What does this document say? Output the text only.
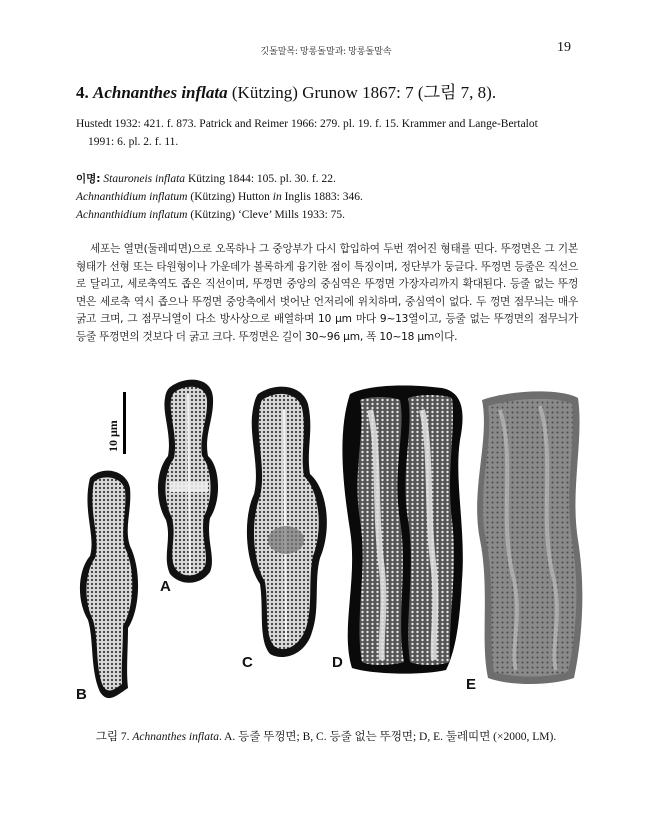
깃돌말목: 망롱돌말과: 망롱돌말속	19
4. Achnanthes inflata (Kützing) Grunow 1867: 7 (그림 7, 8).
Hustedt 1932: 421. f. 873. Patrick and Reimer 1966: 279. pl. 19. f. 15. Krammer and Lange-Bertalot
1991: 6. pl. 2. f. 11.
이명: Stauroneis inflata Kützing 1844: 105. pl. 30. f. 22.
Achnanthidium inflatum (Kützing) Hutton in Inglis 1883: 346.
Achnanthidium inflatum (Kützing) ‘Cleve’ Mills 1933: 75.

세포는 열면(둘레띠면)으로 오목하나 그 중앙부가 다시 합입하여 두번 꺾어진 형태를 띤다. 뚜껑면은 그 기본 형태가 선형 또는 타원형이나 가운데가 볼록하게 융기한 점이 특징이며, 정단부가 둥글다. 뚜껑면 등줄은 직선으로 달리고, 세로축역도 좁은 직선이며, 뚜껑면 중앙의 중심역은 뚜껑면 가장자리까지 확대된다. 등줄 없는 뚜껑면은 세로축 역시 좁으나 뚜껑면 중앙축에서 벗어난 언저리에 위치하며, 중심역이 없다. 두 껑면 점무늬는 매우 굵고 크며, 그 점무늬열이 다소 방사상으로 배열하며 10 μm 마다 9~13열이고, 등줄 없는 뚜껑면의 점무늬가 등줄 뚜껑면의 것보다 더 굵고 크다. 뚜껑면은 길이 30~96 μm, 폭 10~18 μm이다.

10 μm
A
B
C	D
E
그림 7. Achnanthes inflata. A. 등줄 뚜껑면; B, C. 등줄 없는 뚜껑면; D, E. 둘레띠면 (×2000, LM).
